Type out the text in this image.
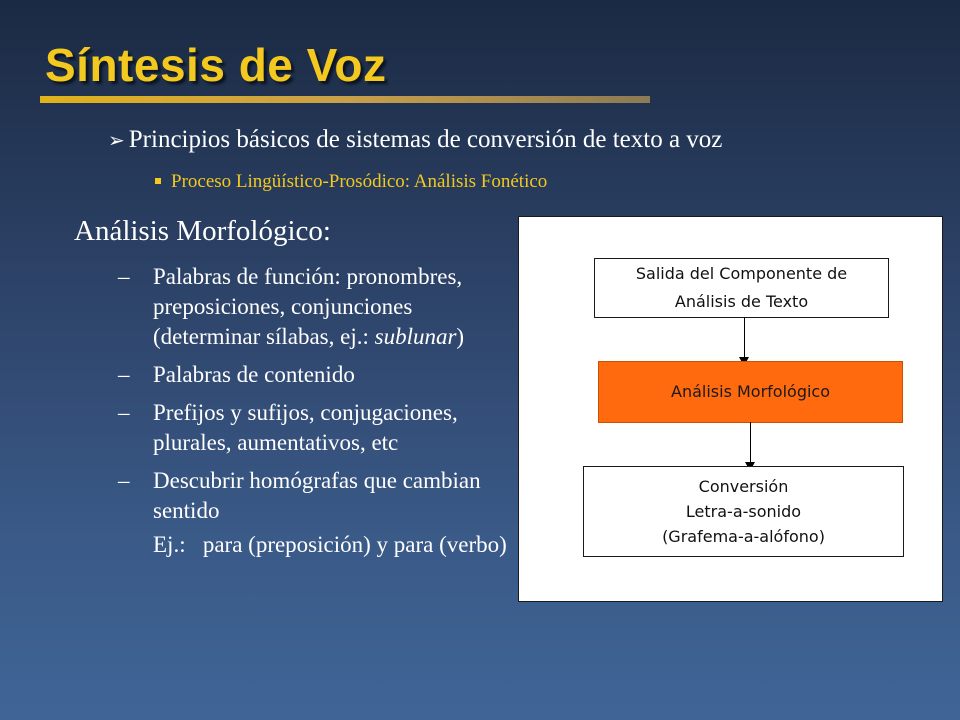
Síntesis de Voz
➢ Principios básicos de sistemas de conversión de texto a voz
Proceso Lingüístico-Prosódico: Análisis Fonético
Análisis Morfológico:
– Palabras de función: pronombres, preposiciones, conjunciones (determinar sílabas, ej.: sublunar)
– Palabras de contenido
– Prefijos y sufijos, conjugaciones, plurales, aumentativos, etc
– Descubrir homógrafas que cambian sentido
Ej.:   para (preposición) y para (verbo)
Salida del Componente de
Análisis de Texto
Análisis Morfológico
Conversión
Letra-a-sonido
(Grafema-a-alófono)
